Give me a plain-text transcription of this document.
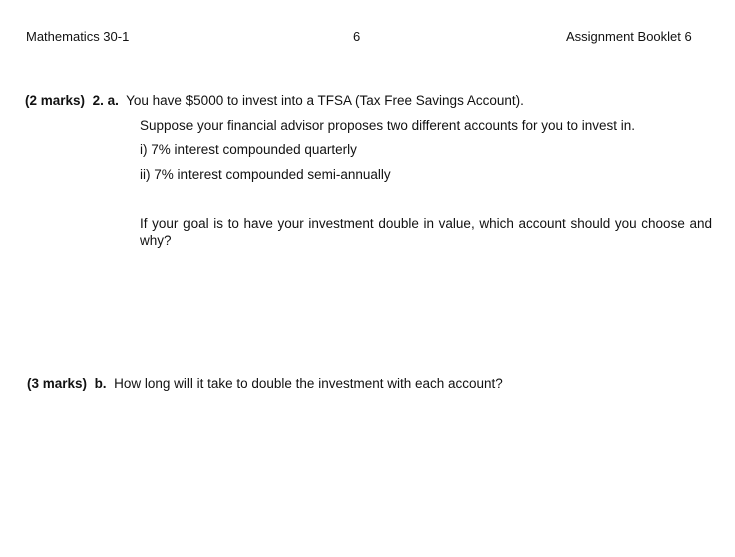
Mathematics 30-1	6	Assignment Booklet 6
(2 marks) 2. a. You have $5000 to invest into a TFSA (Tax Free Savings Account).
Suppose your financial advisor proposes two different accounts for you to invest in.
i) 7% interest compounded quarterly
ii) 7% interest compounded semi-annually
If your goal is to have your investment double in value, which account should you choose and why?
(3 marks) b. How long will it take to double the investment with each account?
